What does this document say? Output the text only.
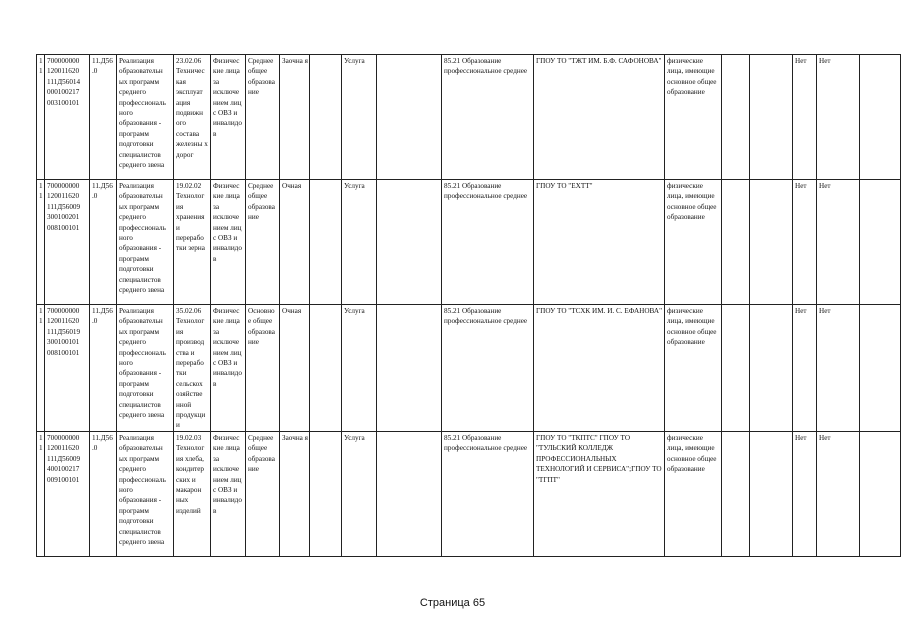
11	700000000 120011620 111Д56014 000100217 003100101	11.Д56 .0	Реализация образовательн ых программ среднего профессиональ ного образования - программ подготовки специалистов среднего звена	23.02.06 Техничес кая эксплуат ация подвижн ого состава железны х дорог	Физичес кие лица за исключе нием лиц с ОВЗ и инвалидо в	Среднее общее образова ние	Заочна я		Услуга		85.21 Образование профессиональное среднее	ГПОУ ТО "ТЖТ ИМ. Б.Ф. САФОНОВА"	физические лица, имеющие основное общее образование			Нет	Нет	
11	700000000 120011620 111Д56009 300100201 008100101	11.Д56 .0	Реализация образовательн ых программ среднего профессиональ ного образования - программ подготовки специалистов среднего звена	19.02.02 Технолог ия хранения и перерабо тки зерна	Физичес кие лица за исключе нием лиц с ОВЗ и инвалидо в	Среднее общее образова ние	Очная		Услуга		85.21 Образование профессиональное среднее	ГПОУ ТО "ЕХТТ"	физические лица, имеющие основное общее образование			Нет	Нет	
11	700000000 120011620 111Д56019 300100101 008100101	11.Д56 .0	Реализация образовательн ых программ среднего профессиональ ного образования - программ подготовки специалистов среднего звена	35.02.06 Технолог ия производ ства и перерабо тки сельскох озяйстве нной продукци и	Физичес кие лица за исключе нием лиц с ОВЗ и инвалидо в	Основно е общее образова ние	Очная		Услуга		85.21 Образование профессиональное среднее	ГПОУ ТО "ТСХК ИМ. И. С. ЕФАНОВА"	физические лица, имеющие основное общее образование			Нет	Нет	
11	700000000 120011620 111Д56009 400100217 009100101	11.Д56 .0	Реализация образовательн ых программ среднего профессиональ ного образования - программ подготовки специалистов среднего звена	19.02.03 Технолог ия хлеба, кондитер ских и макарон ных изделий	Физичес кие лица за исключе нием лиц с ОВЗ и инвалидо в	Среднее общее образова ние	Заочна я		Услуга		85.21 Образование профессиональное среднее	ГПОУ ТО "ТКПТС" ГПОУ ТО "ТУЛЬСКИЙ КОЛЛЕДЖ ПРОФЕССИОНАЛЬНЫХ ТЕХНОЛОГИЙ И СЕРВИСА";ГПОУ ТО "ТГПТ"	физические лица, имеющие основное общее образование			Нет	Нет	
Страница 65
